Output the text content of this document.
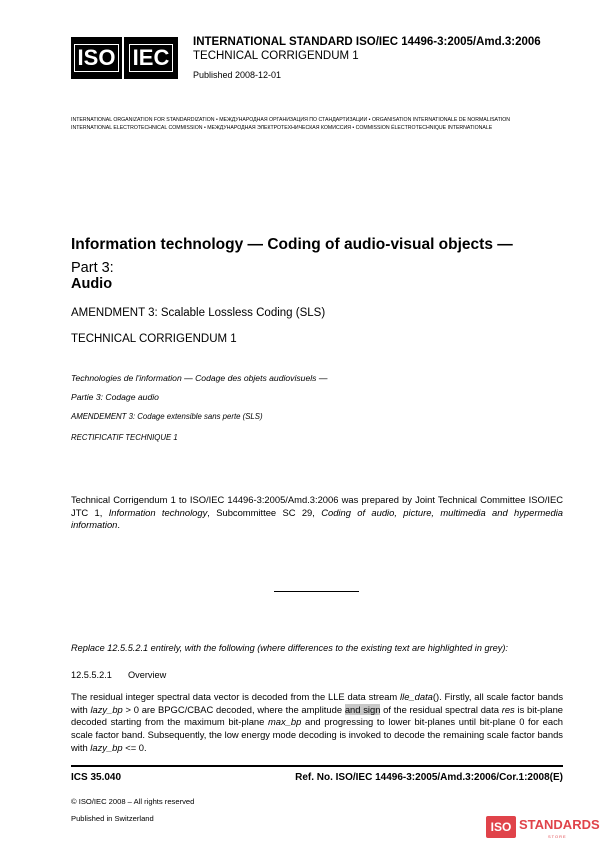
ISO IEC
INTERNATIONAL STANDARD ISO/IEC 14496-3:2005/Amd.3:2006
TECHNICAL CORRIGENDUM 1
Published 2008-12-01
INTERNATIONAL ORGANIZATION FOR STANDARDIZATION • МЕЖДУНАРОДНАЯ ОРГАНИЗАЦИЯ ПО СТАНДАРТИЗАЦИИ • ORGANISATION INTERNATIONALE DE NORMALISATION
INTERNATIONAL ELECTROTECHNICAL COMMISSION • МЕЖДУНАРОДНАЯ ЭЛЕКТРОТЕХНИЧЕСКАЯ КОМИССИЯ • COMMISSION ÉLECTROTECHNIQUE INTERNATIONALE
Information technology — Coding of audio-visual objects —
Part 3:
Audio
AMENDMENT 3: Scalable Lossless Coding (SLS)
TECHNICAL CORRIGENDUM 1
Technologies de l'information — Codage des objets audiovisuels —
Partie 3: Codage audio
AMENDEMENT 3: Codage extensible sans perte (SLS)
RECTIFICATIF TECHNIQUE 1
Technical Corrigendum 1 to ISO/IEC 14496-3:2005/Amd.3:2006 was prepared by Joint Technical Committee ISO/IEC JTC 1, Information technology, Subcommittee SC 29, Coding of audio, picture, multimedia and hypermedia information.
Replace 12.5.5.2.1 entirely, with the following (where differences to the existing text are highlighted in grey):
12.5.5.2.1 Overview
The residual integer spectral data vector is decoded from the LLE data stream lle_data(). Firstly, all scale factor bands with lazy_bp > 0 are BPGC/CBAC decoded, where the amplitude and sign of the residual spectral data res is bit-plane decoded starting from the maximum bit-plane max_bp and progressing to lower bit-planes until bit-plane 0 for each scale factor band. Subsequently, the low energy mode decoding is invoked to decode the remaining scale factor bands with lazy_bp <= 0.
ICS 35.040	Ref. No. ISO/IEC 14496-3:2005/Amd.3:2006/Cor.1:2008(E)
© ISO/IEC 2008 – All rights reserved
Published in Switzerland
ISO STANDARDS
STORE
